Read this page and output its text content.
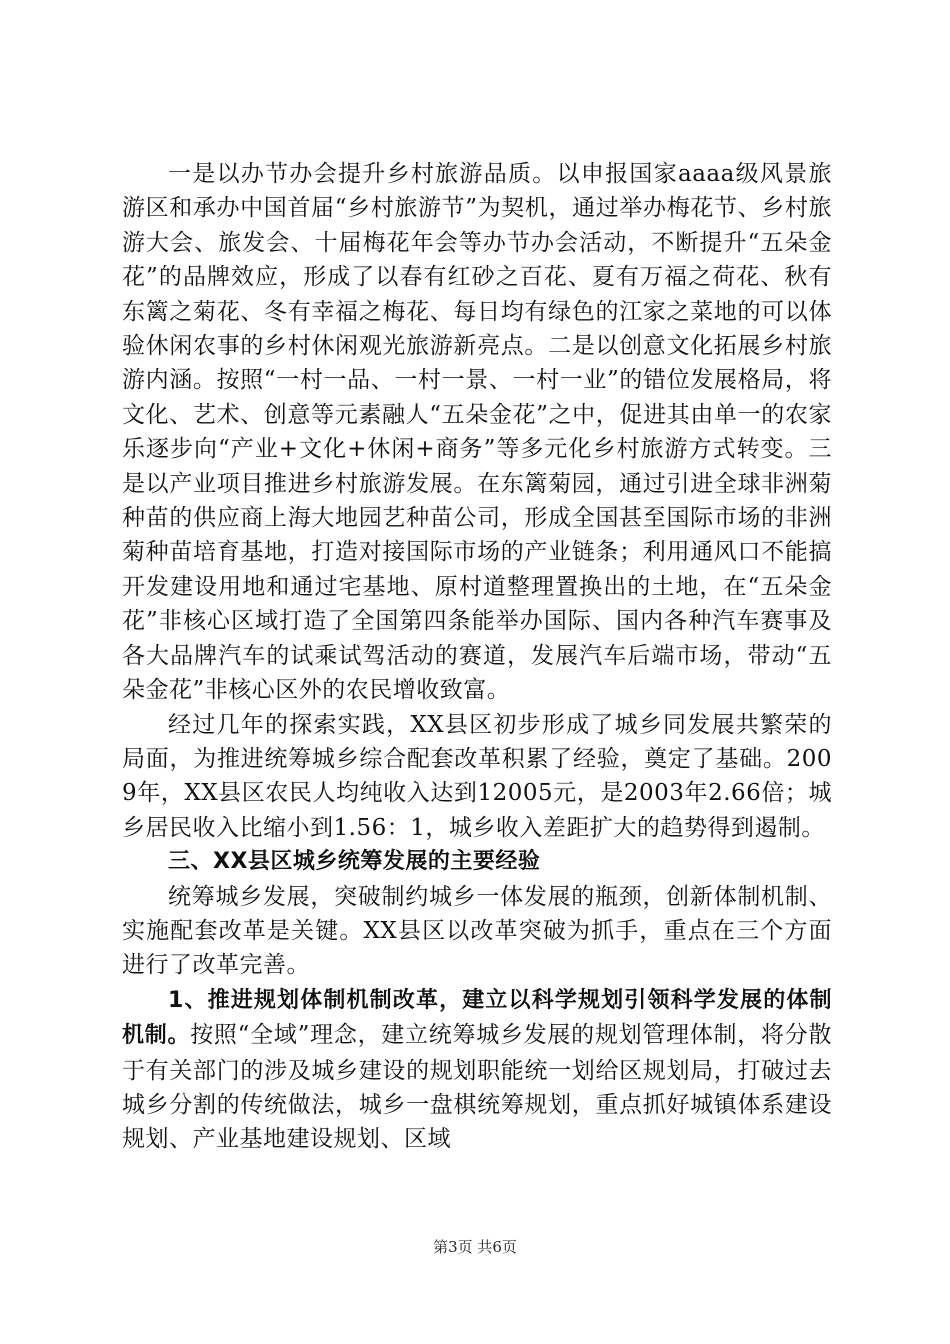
一是以办节办会提升乡村旅游品质。以申报国家aaaa级风景旅游区和承办中国首届“乡村旅游节”为契机，通过举办梅花节、乡村旅游大会、旅发会、十届梅花年会等办节办会活动，不断提升“五朵金花”的品牌效应，形成了以春有红砂之百花、夏有万福之荷花、秋有东篱之菊花、冬有幸福之梅花、每日均有绿色的江家之菜地的可以体验休闲农事的乡村休闲观光旅游新亮点。二是以创意文化拓展乡村旅游内涵。按照“一村一品、一村一景、一村一业”的错位发展格局，将文化、艺术、创意等元素融人“五朵金花”之中，促进其由单一的农家乐逐步向“产业+文化+休闲+商务”等多元化乡村旅游方式转变。三是以产业项目推进乡村旅游发展。在东篱菊园，通过引进全球非洲菊种苗的供应商上海大地园艺种苗公司，形成全国甚至国际市场的非洲菊种苗培育基地，打造对接国际市场的产业链条；利用通风口不能搞开发建设用地和通过宅基地、原村道整理置换出的土地，在“五朵金花”非核心区域打造了全国第四条能举办国际、国内各种汽车赛事及各大品牌汽车的试乘试驾活动的赛道，发展汽车后端市场，带动“五朵金花”非核心区外的农民增收致富。

经过几年的探索实践，XX县区初步形成了城乡同发展共繁荣的局面，为推进统筹城乡综合配套改革积累了经验，奠定了基础。2009年，XX县区农民人均纯收入达到12005元，是2003年2.66倍；城乡居民收入比缩小到1.56：1，城乡收入差距扩大的趋势得到遏制。

三、XX县区城乡统筹发展的主要经验

统筹城乡发展，突破制约城乡一体发展的瓶颈，创新体制机制、实施配套改革是关键。XX县区以改革突破为抓手，重点在三个方面进行了改革完善。

1、推进规划体制机制改革，建立以科学规划引领科学发展的体制机制。按照“全域”理念，建立统筹城乡发展的规划管理体制，将分散于有关部门的涉及城乡建设的规划职能统一划给区规划局，打破过去城乡分割的传统做法，城乡一盘棋统筹规划，重点抓好城镇体系建设规划、产业基地建设规划、区域

第3页 共6页
